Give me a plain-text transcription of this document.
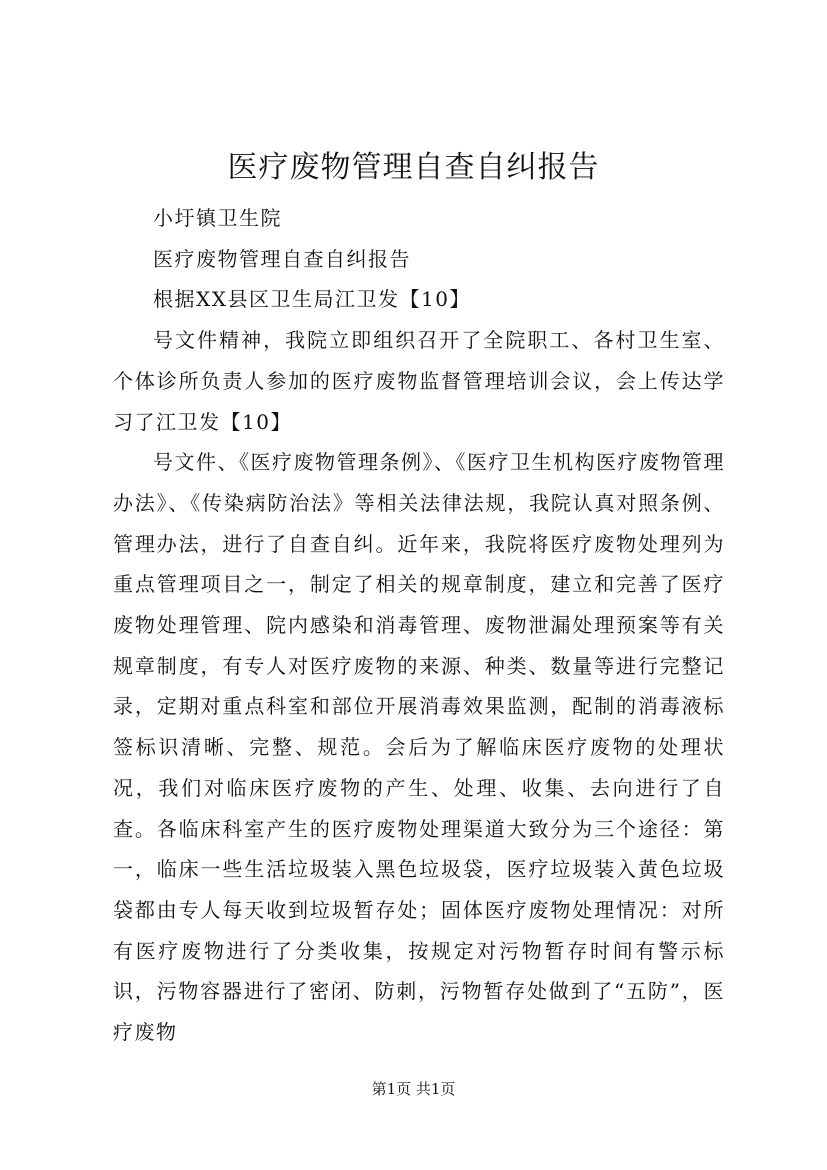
医疗废物管理自查自纠报告

小圩镇卫生院

医疗废物管理自查自纠报告

根据XX县区卫生局江卫发【10】

号文件精神，我院立即组织召开了全院职工、各村卫生室、个体诊所负责人参加的医疗废物监督管理培训会议，会上传达学习了江卫发【10】

号文件、《医疗废物管理条例》、《医疗卫生机构医疗废物管理办法》、《传染病防治法》等相关法律法规，我院认真对照条例、管理办法，进行了自查自纠。近年来，我院将医疗废物处理列为重点管理项目之一，制定了相关的规章制度，建立和完善了医疗废物处理管理、院内感染和消毒管理、废物泄漏处理预案等有关规章制度，有专人对医疗废物的来源、种类、数量等进行完整记录，定期对重点科室和部位开展消毒效果监测，配制的消毒液标签标识清晰、完整、规范。会后为了解临床医疗废物的处理状况，我们对临床医疗废物的产生、处理、收集、去向进行了自查。各临床科室产生的医疗废物处理渠道大致分为三个途径：第一，临床一些生活垃圾装入黑色垃圾袋，医疗垃圾装入黄色垃圾袋都由专人每天收到垃圾暂存处；固体医疗废物处理情况：对所有医疗废物进行了分类收集，按规定对污物暂存时间有警示标识，污物容器进行了密闭、防刺，污物暂存处做到了“五防”，医疗废物

第1页 共1页
